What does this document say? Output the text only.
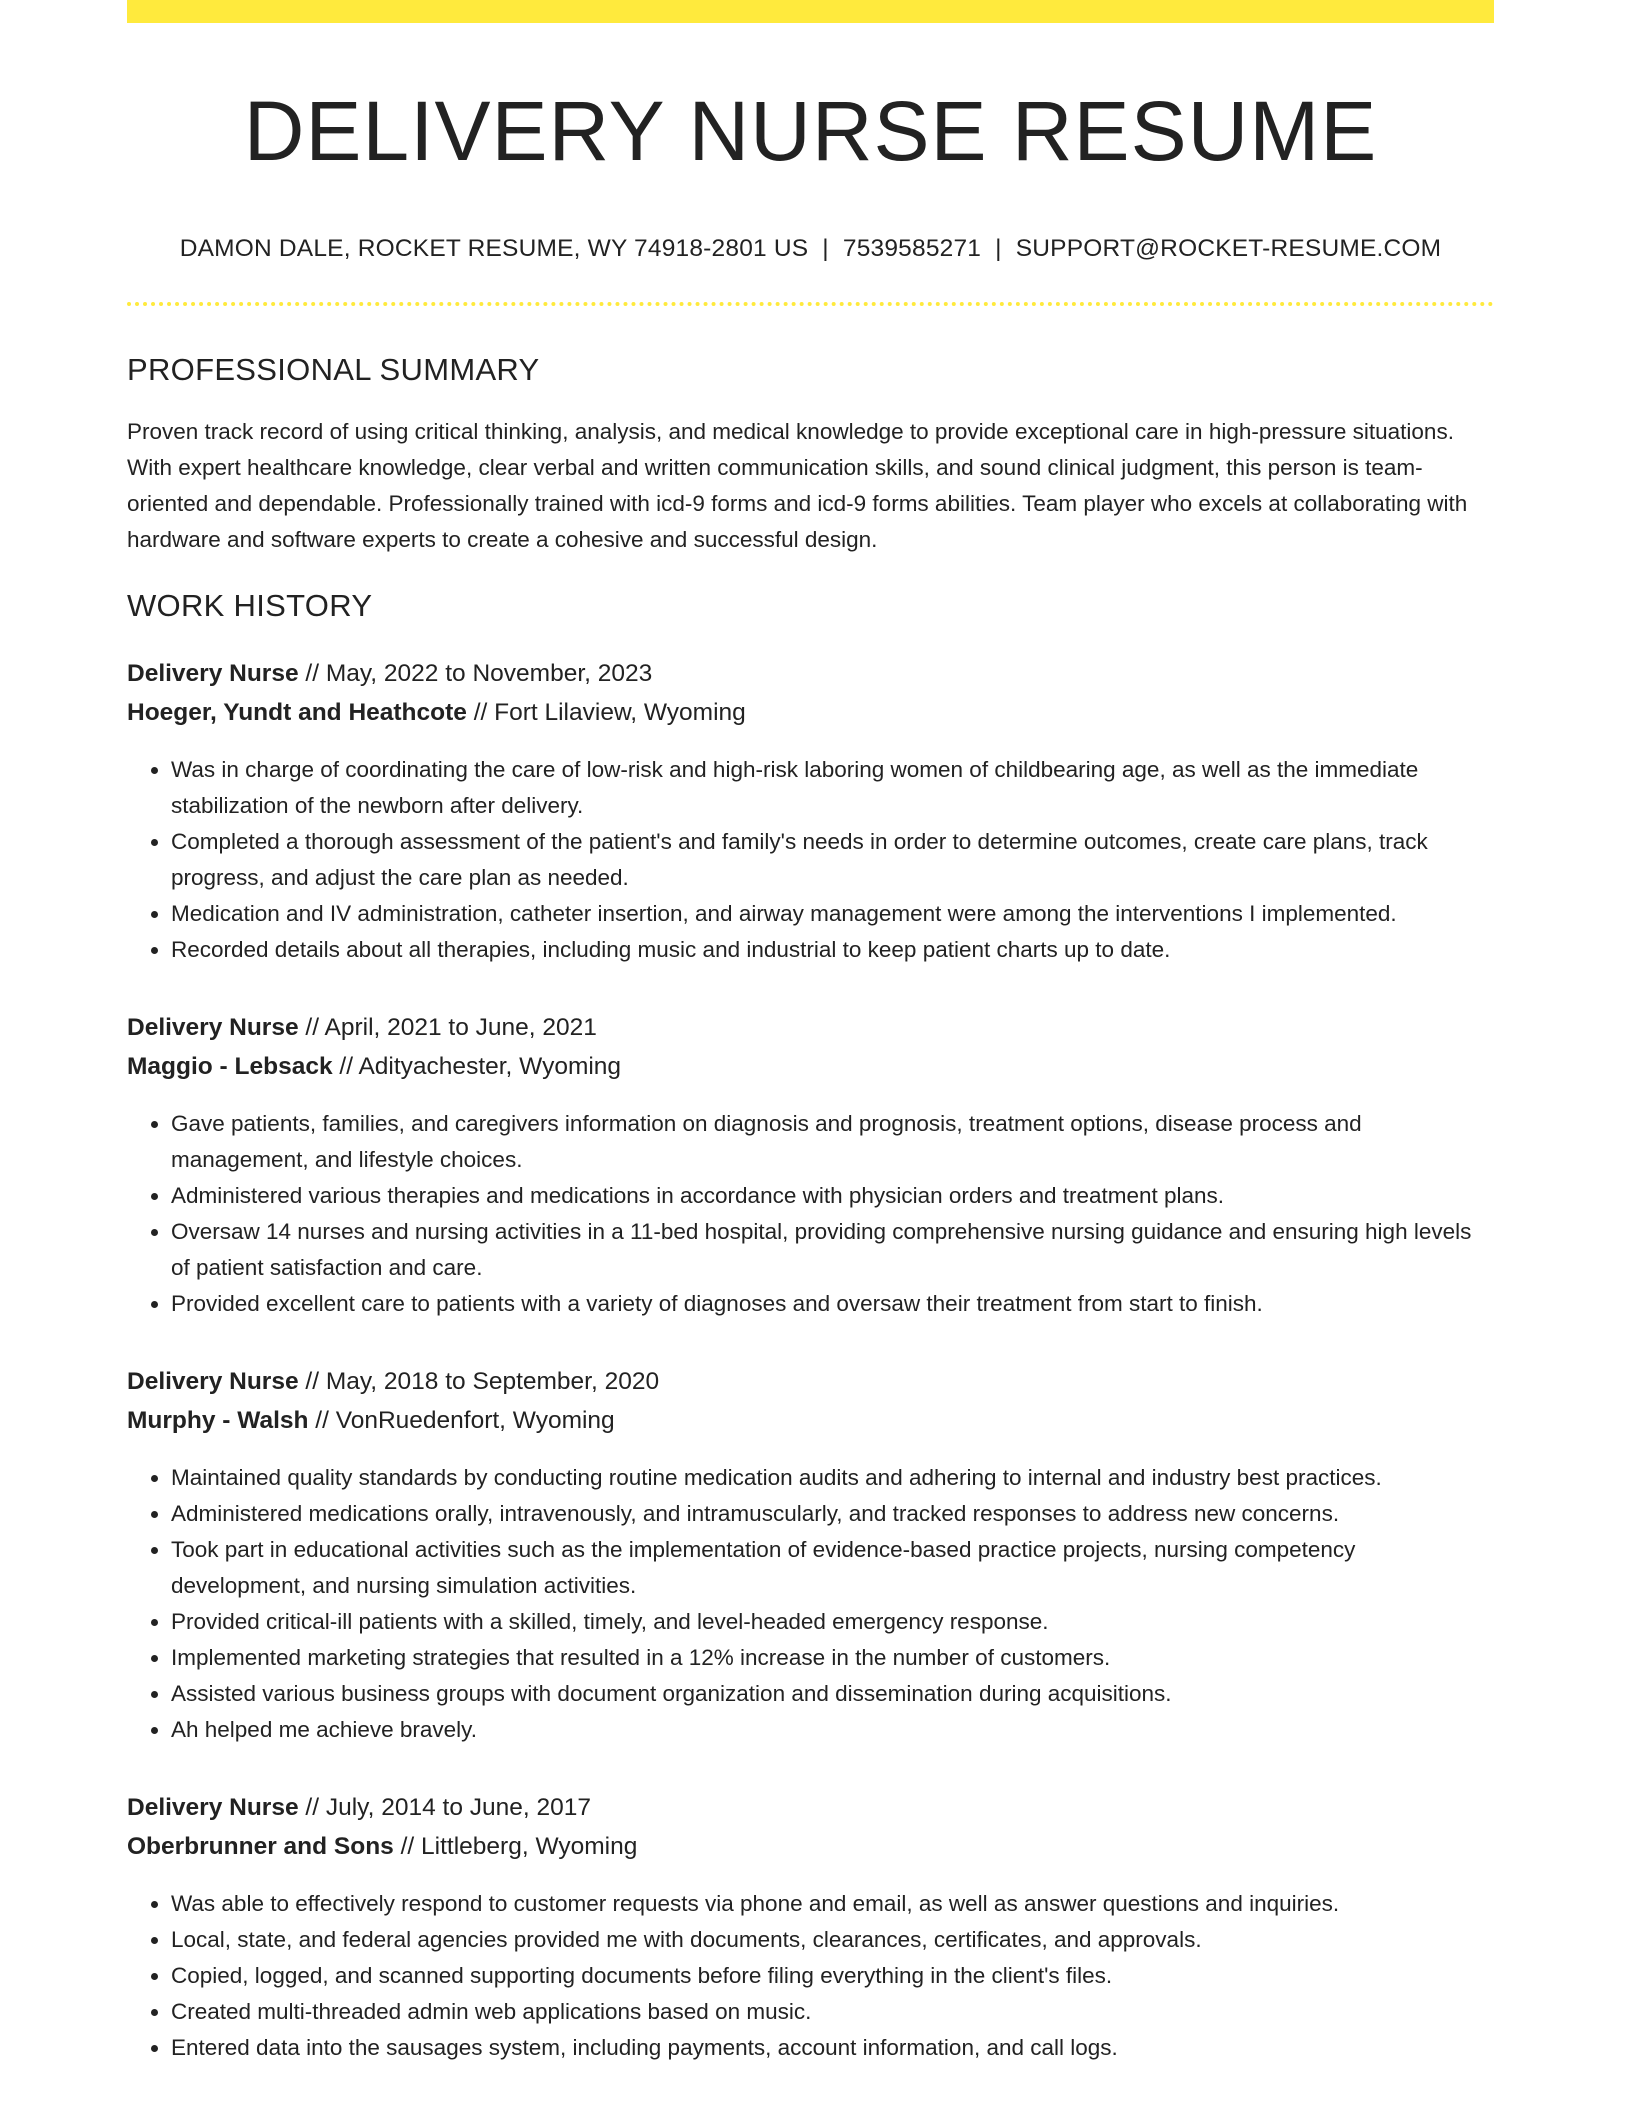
DELIVERY NURSE RESUME
DAMON DALE, ROCKET RESUME, WY 74918-2801 US | 7539585271 | SUPPORT@ROCKET-RESUME.COM
PROFESSIONAL SUMMARY
Proven track record of using critical thinking, analysis, and medical knowledge to provide exceptional care in high-pressure situations. With expert healthcare knowledge, clear verbal and written communication skills, and sound clinical judgment, this person is team-oriented and dependable. Professionally trained with icd-9 forms and icd-9 forms abilities. Team player who excels at collaborating with hardware and software experts to create a cohesive and successful design.
WORK HISTORY
Delivery Nurse // May, 2022 to November, 2023
Hoeger, Yundt and Heathcote // Fort Lilaview, Wyoming
• Was in charge of coordinating the care of low-risk and high-risk laboring women of childbearing age, as well as the immediate stabilization of the newborn after delivery.
• Completed a thorough assessment of the patient's and family's needs in order to determine outcomes, create care plans, track progress, and adjust the care plan as needed.
• Medication and IV administration, catheter insertion, and airway management were among the interventions I implemented.
• Recorded details about all therapies, including music and industrial to keep patient charts up to date.
Delivery Nurse // April, 2021 to June, 2021
Maggio - Lebsack // Adityachester, Wyoming
• Gave patients, families, and caregivers information on diagnosis and prognosis, treatment options, disease process and management, and lifestyle choices.
• Administered various therapies and medications in accordance with physician orders and treatment plans.
• Oversaw 14 nurses and nursing activities in a 11-bed hospital, providing comprehensive nursing guidance and ensuring high levels of patient satisfaction and care.
• Provided excellent care to patients with a variety of diagnoses and oversaw their treatment from start to finish.
Delivery Nurse // May, 2018 to September, 2020
Murphy - Walsh // VonRuedenfort, Wyoming
• Maintained quality standards by conducting routine medication audits and adhering to internal and industry best practices.
• Administered medications orally, intravenously, and intramuscularly, and tracked responses to address new concerns.
• Took part in educational activities such as the implementation of evidence-based practice projects, nursing competency development, and nursing simulation activities.
• Provided critical-ill patients with a skilled, timely, and level-headed emergency response.
• Implemented marketing strategies that resulted in a 12% increase in the number of customers.
• Assisted various business groups with document organization and dissemination during acquisitions.
• Ah helped me achieve bravely.
Delivery Nurse // July, 2014 to June, 2017
Oberbrunner and Sons // Littleberg, Wyoming
• Was able to effectively respond to customer requests via phone and email, as well as answer questions and inquiries.
• Local, state, and federal agencies provided me with documents, clearances, certificates, and approvals.
• Copied, logged, and scanned supporting documents before filing everything in the client's files.
• Created multi-threaded admin web applications based on music.
• Entered data into the sausages system, including payments, account information, and call logs.
